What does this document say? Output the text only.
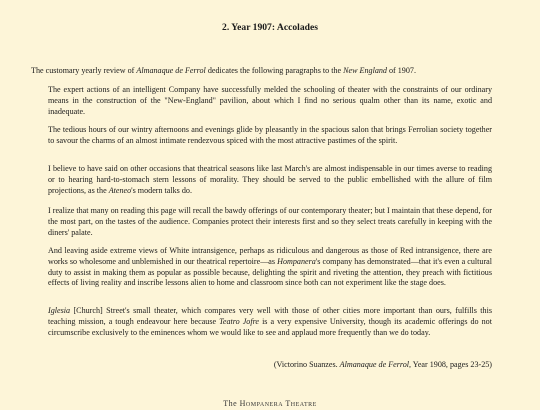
2. Year 1907: Accolades

The customary yearly review of Almanaque de Ferrol dedicates the following paragraphs to the New England of 1907.

The expert actions of an intelligent Company have successfully melded the schooling of theater with the constraints of our ordinary means in the construction of the "New-England" pavilion, about which I find no serious qualm other than its name, exotic and inadequate.

The tedious hours of our wintry afternoons and evenings glide by pleasantly in the spacious salon that brings Ferrolian society together to savour the charms of an almost intimate rendezvous spiced with the most attractive pastimes of the spirit.

I believe to have said on other occasions that theatrical seasons like last March's are almost indispensable in our times averse to reading or to hearing hard-to-stomach stern lessons of morality. They should be served to the public embellished with the allure of film projections, as the Ateneo's modern talks do.

I realize that many on reading this page will recall the bawdy offerings of our contemporary theater; but I maintain that these depend, for the most part, on the tastes of the audience. Companies protect their interests first and so they select treats carefully in keeping with the diners' palate.

And leaving aside extreme views of White intransigence, perhaps as ridiculous and dangerous as those of Red intransigence, there are works so wholesome and unblemished in our theatrical repertoire—as Hompanera's company has demonstrated—that it's even a cultural duty to assist in making them as popular as possible because, delighting the spirit and riveting the attention, they preach with fictitious effects of living reality and inscribe lessons alien to home and classroom since both can not experiment like the stage does.

Iglesia [Church] Street's small theater, which compares very well with those of other cities more important than ours, fulfills this teaching mission, a tough endeavour here because Teatro Jofre is a very expensive University, though its academic offerings do not circumscribe exclusively to the eminences whom we would like to see and applaud more frequently than we do today.

(Victorino Suanzes. Almanaque de Ferrol, Year 1908, pages 23-25)

The HOMPANERA THEATRE
